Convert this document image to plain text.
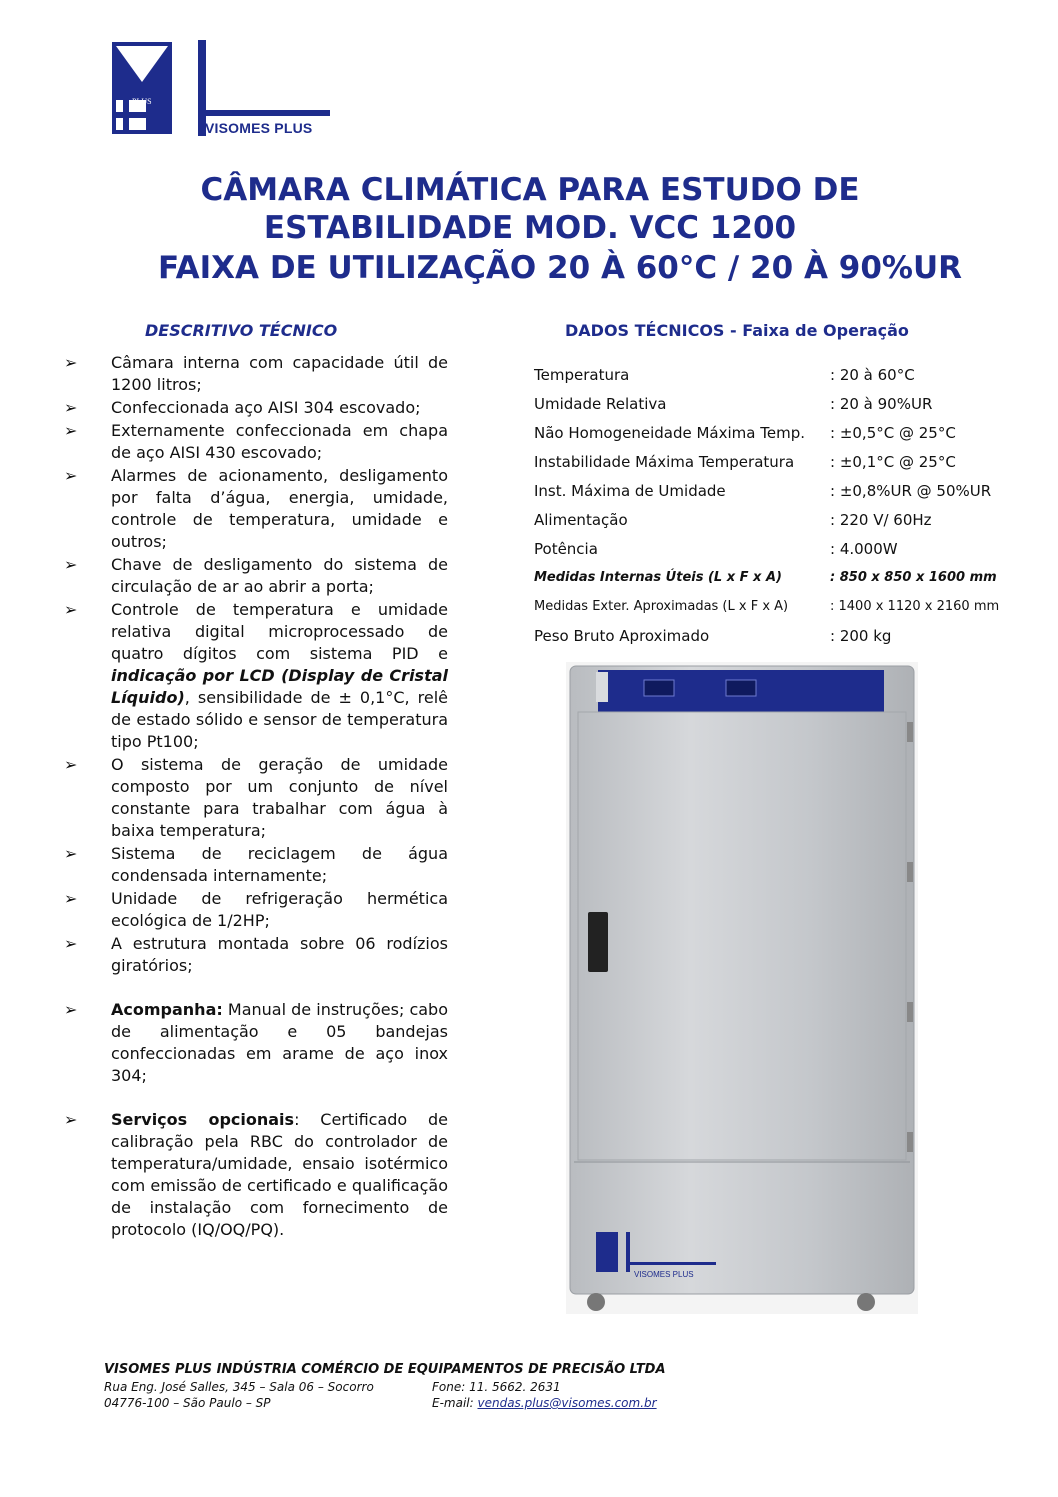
PLUS
VISOMES PLUS
CÂMARA CLIMÁTICA PARA ESTUDO DE
ESTABILIDADE MOD. VCC 1200
FAIXA DE UTILIZAÇÃO 20 À 60°C / 20 À 90%UR
DESCRITIVO TÉCNICO
➢	Câmara interna com capacidade útil de 1200 litros;
➢	Confeccionada aço AISI 304 escovado;
➢	Externamente confeccionada em chapa de aço AISI 430 escovado;
➢	Alarmes de acionamento, desligamento por falta d’água, energia, umidade, controle de temperatura, umidade e outros;
➢	Chave de desligamento do sistema de circulação de ar ao abrir a porta;
➢	Controle de temperatura e umidade relativa digital microprocessado de quatro dígitos com sistema PID e indicação por LCD (Display de Cristal Líquido), sensibilidade de ± 0,1°C, relê de estado sólido e sensor de temperatura tipo Pt100;
➢	O sistema de geração de umidade composto por um conjunto de nível constante para trabalhar com água à baixa temperatura;
➢	Sistema de reciclagem de água condensada internamente;
➢	Unidade de refrigeração hermética ecológica de 1/2HP;
➢	A estrutura montada sobre 06 rodízios giratórios;
➢	Acompanha: Manual de instruções; cabo de alimentação e 05 bandejas confeccionadas em arame de aço inox 304;
➢	Serviços opcionais: Certificado de calibração pela RBC do controlador de temperatura/umidade, ensaio isotérmico com emissão de certificado e qualificação de instalação com fornecimento de protocolo (IQ/OQ/PQ).
DADOS TÉCNICOS - Faixa de Operação
Temperatura	: 20 à 60°C
Umidade Relativa	: 20 à 90%UR
Não Homogeneidade Máxima Temp.	: ±0,5°C @ 25°C
Instabilidade Máxima Temperatura	: ±0,1°C @ 25°C
Inst. Máxima de Umidade	: ±0,8%UR @ 50%UR
Alimentação	: 220 V/ 60Hz
Potência	: 4.000W
Medidas Internas Úteis (L x F x A)	: 850 x 850 x 1600 mm
Medidas Exter. Aproximadas (L x F x A)	: 1400 x 1120 x 2160 mm
Peso Bruto Aproximado	: 200 kg
VISOMES PLUS
VISOMES PLUS INDÚSTRIA COMÉRCIO DE EQUIPAMENTOS DE PRECISÃO LTDA
Rua Eng. José Salles, 345 – Sala 06 – Socorro
04776-100 – São Paulo – SP
Fone: 11. 5662. 2631
E-mail: vendas.plus@visomes.com.br
